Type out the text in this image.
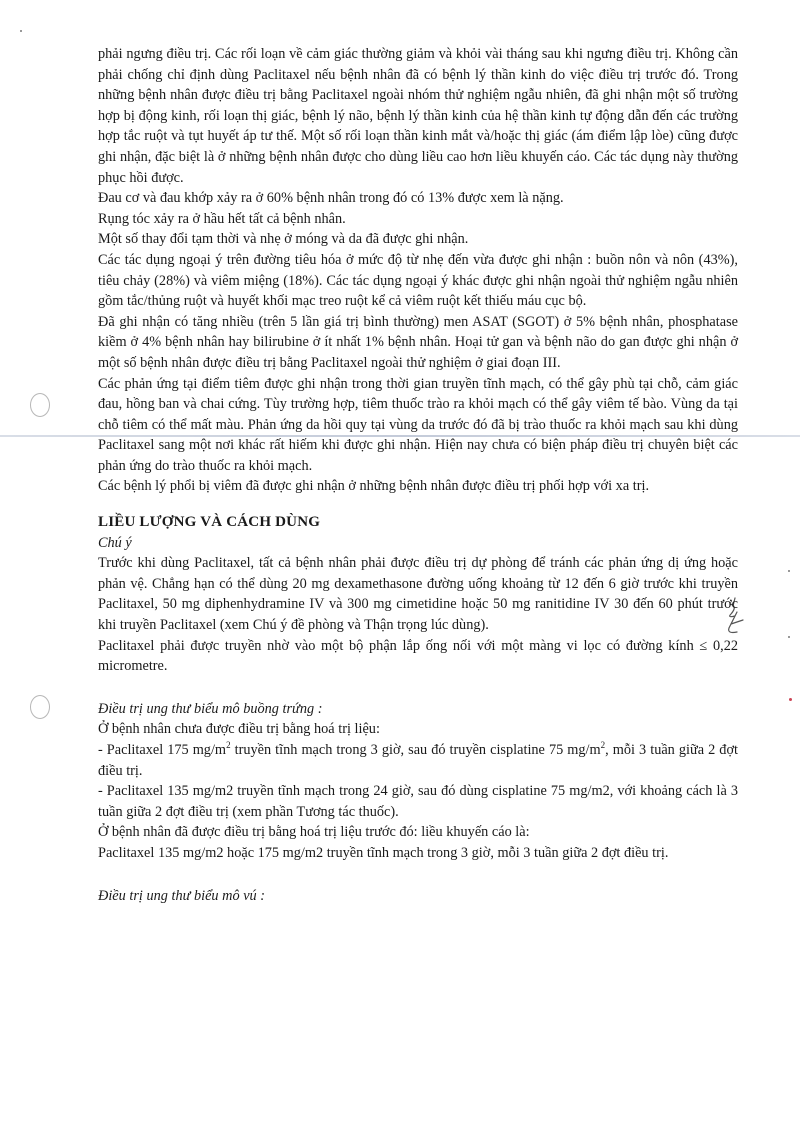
phải ngưng điều trị. Các rối loạn về cảm giác thường giảm và khỏi vài tháng sau khi ngưng điều trị. Không cần phải chống chỉ định dùng Paclitaxel nếu bệnh nhân đã có bệnh lý thần kinh do việc điều trị trước đó. Trong những bệnh nhân được điều trị bằng Paclitaxel ngoài nhóm thử nghiệm ngẫu nhiên, đã ghi nhận một số trường hợp bị động kinh, rối loạn thị giác, bệnh lý não, bệnh lý thần kinh của hệ thần kinh tự động dẫn đến các trường hợp tắc ruột và tụt huyết áp tư thế. Một số rối loạn thần kinh mắt và/hoặc thị giác (ám điểm lập lòe) cũng được ghi nhận, đặc biệt là ở những bệnh nhân được cho dùng liều cao hơn liều khuyến cáo. Các tác dụng này thường phục hồi được.

Đau cơ và đau khớp xảy ra ở 60% bệnh nhân trong đó có 13% được xem là nặng.

Rụng tóc xảy ra ở hầu hết tất cả bệnh nhân.

Một số thay đổi tạm thời và nhẹ ở móng và da đã được ghi nhận.

Các tác dụng ngoại ý trên đường tiêu hóa ở mức độ từ nhẹ đến vừa được ghi nhận : buồn nôn và nôn (43%), tiêu chảy (28%) và viêm miệng (18%). Các tác dụng ngoại ý khác được ghi nhận ngoài thử nghiệm ngẫu nhiên gồm tắc/thủng ruột và huyết khối mạc treo ruột kể cả viêm ruột kết thiếu máu cục bộ.

Đã ghi nhận có tăng nhiều (trên 5 lần giá trị bình thường) men ASAT (SGOT) ở 5% bệnh nhân, phosphatase kiềm ở 4% bệnh nhân hay bilirubine ở ít nhất 1% bệnh nhân. Hoại tử gan và bệnh não do gan được ghi nhận ở một số bệnh nhân được điều trị bằng Paclitaxel ngoài thử nghiệm ở giai đoạn III.

Các phản ứng tại điểm tiêm được ghi nhận trong thời gian truyền tĩnh mạch, có thể gây phù tại chỗ, cảm giác đau, hồng ban và chai cứng. Tùy trường hợp, tiêm thuốc trào ra khỏi mạch có thể gây viêm tế bào. Vùng da tại chỗ tiêm có thể mất màu. Phản ứng da hồi quy tại vùng da trước đó đã bị trào thuốc ra khỏi mạch sau khi dùng Paclitaxel sang một nơi khác rất hiếm khi được ghi nhận. Hiện nay chưa có biện pháp điều trị chuyên biệt các phản ứng do trào thuốc ra khỏi mạch.

Các bệnh lý phổi bị viêm đã được ghi nhận ở những bệnh nhân được điều trị phối hợp với xa trị.

LIỀU LƯỢNG VÀ CÁCH DÙNG

Chú ý

Trước khi dùng Paclitaxel, tất cả bệnh nhân phải được điều trị dự phòng để tránh các phản ứng dị ứng hoặc phản vệ. Chẳng hạn có thể dùng 20 mg dexamethasone đường uống khoảng từ 12 đến 6 giờ trước khi truyền Paclitaxel, 50 mg diphenhydramine IV và 300 mg cimetidine hoặc 50 mg ranitidine IV 30 đến 60 phút trước khi truyền Paclitaxel (xem Chú ý đề phòng và Thận trọng lúc dùng).

Paclitaxel phải được truyền nhờ vào một bộ phận lắp ống nối với một màng vi lọc có đường kính ≤ 0,22 micrometre.

Điều trị ung thư biểu mô buồng trứng :

Ở bệnh nhân chưa được điều trị bằng hoá trị liệu:

- Paclitaxel 175 $mg/m^2$ truyền tĩnh mạch trong 3 giờ, sau đó truyền cisplatine 75 $mg/m^2$, mỗi 3 tuần giữa 2 đợt điều trị.

- Paclitaxel 135 mg/m2 truyền tĩnh mạch trong 24 giờ, sau đó dùng cisplatine 75 mg/m2, với khoảng cách là 3 tuần giữa 2 đợt điều trị (xem phần Tương tác thuốc).

Ở bệnh nhân đã được điều trị bằng hoá trị liệu trước đó: liều khuyến cáo là:

Paclitaxel 135 mg/m2 hoặc 175 mg/m2 truyền tĩnh mạch trong 3 giờ, mỗi 3 tuần giữa 2 đợt điều trị.

Điều trị ung thư biểu mô vú :
